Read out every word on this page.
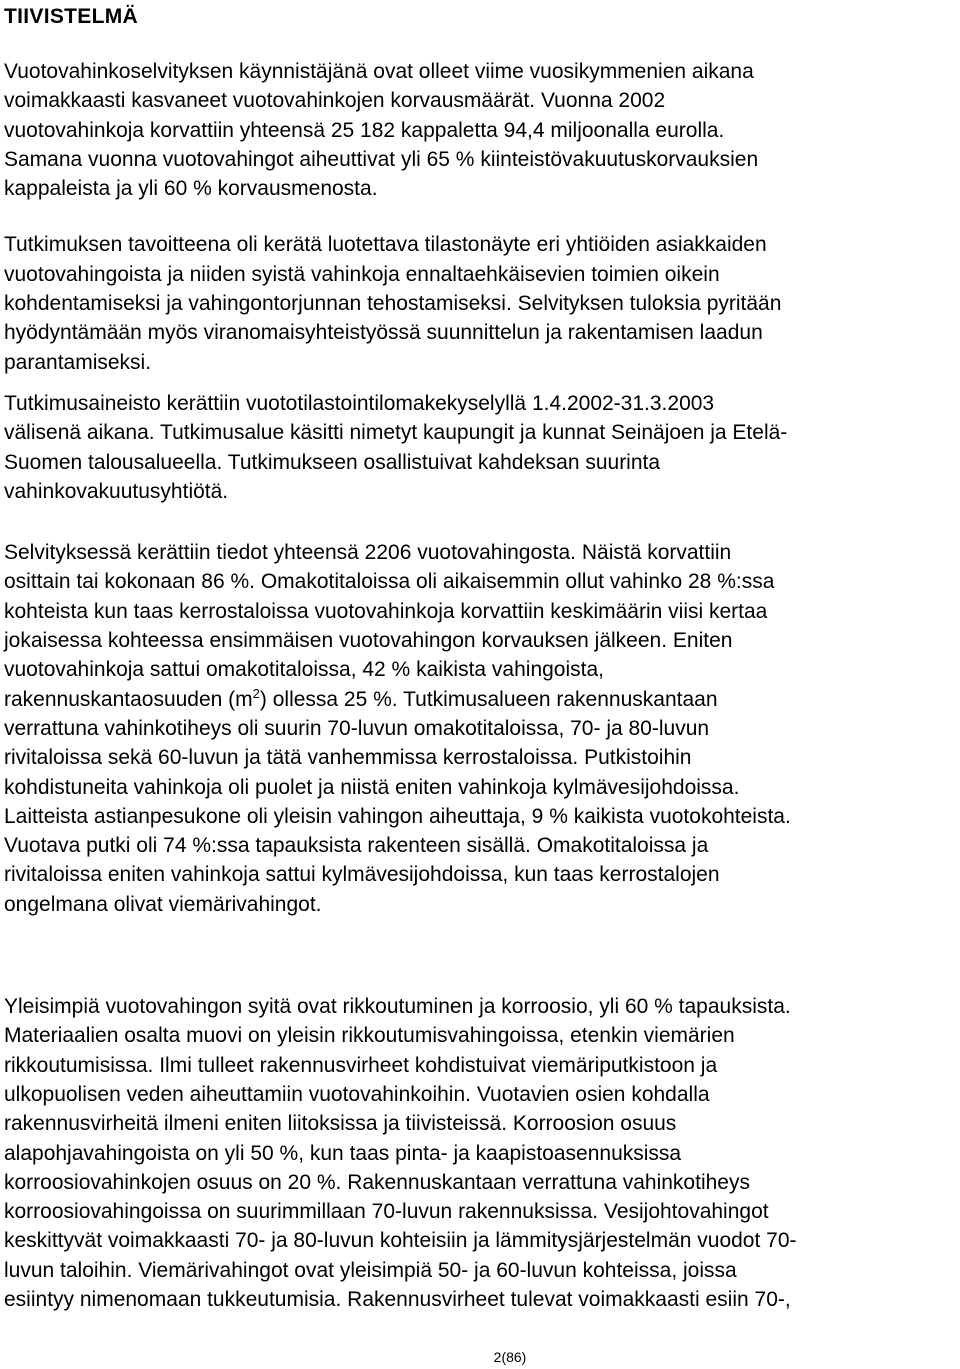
TIIVISTELMÄ

Vuotovahinkoselvityksen käynnistäjänä ovat olleet viime vuosikymmenien aikana
voimakkaasti kasvaneet vuotovahinkojen korvausmäärät. Vuonna 2002
vuotovahinkoja korvattiin yhteensä 25 182 kappaletta 94,4 miljoonalla eurolla.
Samana vuonna vuotovahingot aiheuttivat yli 65 % kiinteistövakuutuskorvauksien
kappaleista ja yli 60 % korvausmenosta.

Tutkimuksen tavoitteena oli kerätä luotettava tilastonäyte eri yhtiöiden asiakkaiden
vuotovahingoista ja niiden syistä vahinkoja ennaltaehkäisevien toimien oikein
kohdentamiseksi ja vahingontorjunnan tehostamiseksi. Selvityksen tuloksia pyritään
hyödyntämään myös viranomaisyhteistyössä suunnittelun ja rakentamisen laadun
parantamiseksi.

Tutkimusaineisto kerättiin vuototilastointilomakekyselyllä 1.4.2002-31.3.2003
välisenä aikana. Tutkimusalue käsitti nimetyt kaupungit ja kunnat Seinäjoen ja Etelä-
Suomen talousalueella. Tutkimukseen osallistuivat kahdeksan suurinta
vahinkovakuutusyhtiötä.

Selvityksessä kerättiin tiedot yhteensä 2206 vuotovahingosta. Näistä korvattiin
osittain tai kokonaan 86 %. Omakotitaloissa oli aikaisemmin ollut vahinko 28 %:ssa
kohteista kun taas kerrostaloissa vuotovahinkoja korvattiin keskimäärin viisi kertaa
jokaisessa kohteessa ensimmäisen vuotovahingon korvauksen jälkeen. Eniten
vuotovahinkoja sattui omakotitaloissa, 42 % kaikista vahingoista,
rakennuskantaosuuden $(m^2)$ ollessa 25 %. Tutkimusalueen rakennuskantaan
verrattuna vahinkotiheys oli suurin 70-luvun omakotitaloissa, 70- ja 80-luvun
rivitaloissa sekä 60-luvun ja tätä vanhemmissa kerrostaloissa. Putkistoihin
kohdistuneita vahinkoja oli puolet ja niistä eniten vahinkoja kylmävesijohdoissa.
Laitteista astianpesukone oli yleisin vahingon aiheuttaja, 9 % kaikista vuotokohteista.
Vuotava putki oli 74 %:ssa tapauksista rakenteen sisällä. Omakotitaloissa ja
rivitaloissa eniten vahinkoja sattui kylmävesijohdoissa, kun taas kerrostalojen
ongelmana olivat viemärivahingot.

Yleisimpiä vuotovahingon syitä ovat rikkoutuminen ja korroosio, yli 60 % tapauksista.
Materiaalien osalta muovi on yleisin rikkoutumisvahingoissa, etenkin viemärien
rikkoutumisissa. Ilmi tulleet rakennusvirheet kohdistuivat viemäriputkistoon ja
ulkopuolisen veden aiheuttamiin vuotovahinkoihin. Vuotavien osien kohdalla
rakennusvirheitä ilmeni eniten liitoksissa ja tiivisteissä. Korroosion osuus
alapohjavahingoista on yli 50 %, kun taas pinta- ja kaapistoasennuksissa
korroosiovahinkojen osuus on 20 %. Rakennuskantaan verrattuna vahinkotiheys
korroosiovahingoissa on suurimmillaan 70-luvun rakennuksissa. Vesijohtovahingot
keskittyvät voimakkaasti 70- ja 80-luvun kohteisiin ja lämmitysjärjestelmän vuodot 70-
luvun taloihin. Viemärivahingot ovat yleisimpiä 50- ja 60-luvun kohteissa, joissa
esiintyy nimenomaan tukkeutumisia. Rakennusvirheet tulevat voimakkaasti esiin 70-,

2(86)
